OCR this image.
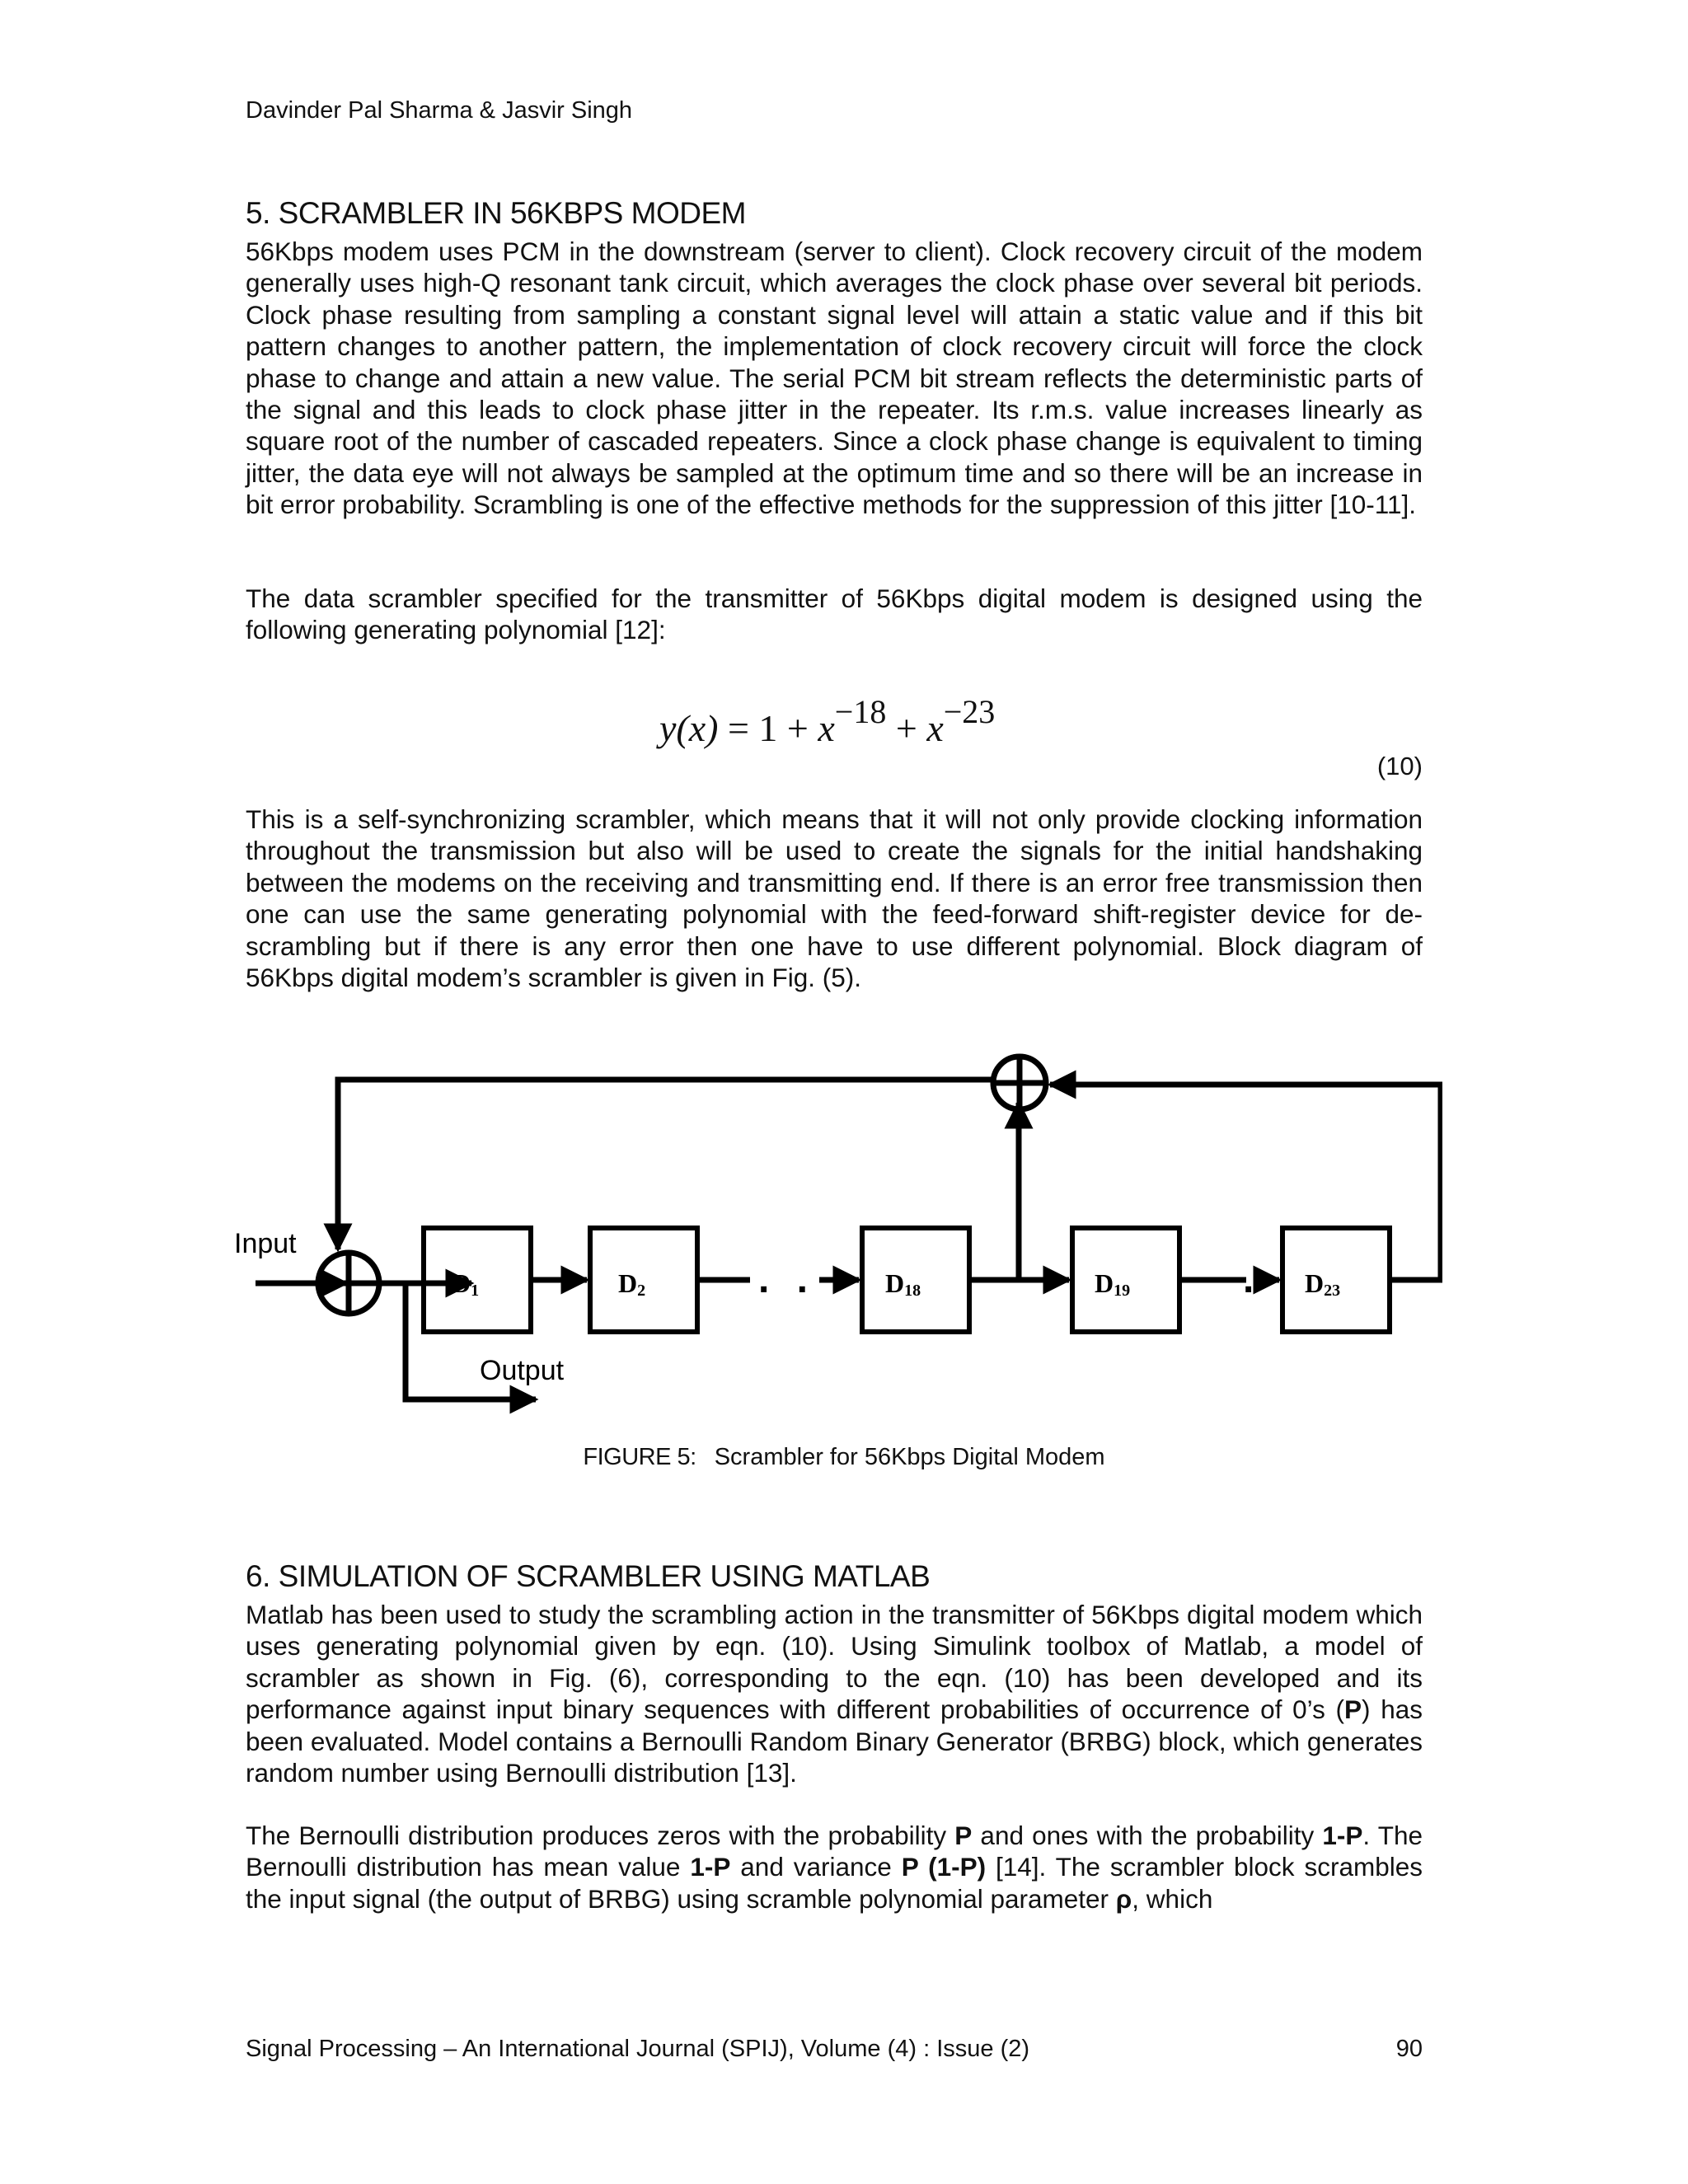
Davinder Pal Sharma & Jasvir Singh
5. SCRAMBLER IN 56KBPS MODEM

56Kbps modem uses PCM in the downstream (server to client). Clock recovery circuit of the modem generally uses high-Q resonant tank circuit, which averages the clock phase over several bit periods. Clock phase resulting from sampling a constant signal level will attain a static value and if this bit pattern changes to another pattern, the implementation of clock recovery circuit will force the clock phase to change and attain a new value. The serial PCM bit stream reflects the deterministic parts of the signal and this leads to clock phase jitter in the repeater. Its r.m.s. value increases linearly as square root of the number of cascaded repeaters. Since a clock phase change is equivalent to timing jitter, the data eye will not always be sampled at the optimum time and so there will be an increase in bit error probability. Scrambling is one of the effective methods for the suppression of this jitter [10-11].

The data scrambler specified for the transmitter of 56Kbps digital modem is designed using the following generating polynomial [12]:

$y(x) = 1 + x^{-18} + x^{-23}$
(10)

This is a self-synchronizing scrambler, which means that it will not only provide clocking information throughout the transmission but also will be used to create the signals for the initial handshaking between the modems on the receiving and transmitting end. If there is an error free transmission then one can use the same generating polynomial with the feed-forward shift-register device for de-scrambling but if there is any error then one have to use different polynomial. Block diagram of 56Kbps digital modem’s scrambler is given in Fig. (5).

Input
Output
D1	D2	D18	D19	D23
. .	.
FIGURE 5: Scrambler for 56Kbps Digital Modem
6. SIMULATION OF SCRAMBLER USING MATLAB

Matlab has been used to study the scrambling action in the transmitter of 56Kbps digital modem which uses generating polynomial given by eqn. (10). Using Simulink toolbox of Matlab, a model of scrambler as shown in Fig. (6), corresponding to the eqn. (10) has been developed and its performance against input binary sequences with different probabilities of occurrence of 0’s (P) has been evaluated. Model contains a Bernoulli Random Binary Generator (BRBG) block, which generates random number using Bernoulli distribution [13].

The Bernoulli distribution produces zeros with the probability P and ones with the probability 1-P. The Bernoulli distribution has mean value 1-P and variance P (1-P) [14]. The scrambler block scrambles the input signal (the output of BRBG) using scramble polynomial parameter ρ, which

Signal Processing – An International Journal (SPIJ), Volume (4) : Issue (2)	90
